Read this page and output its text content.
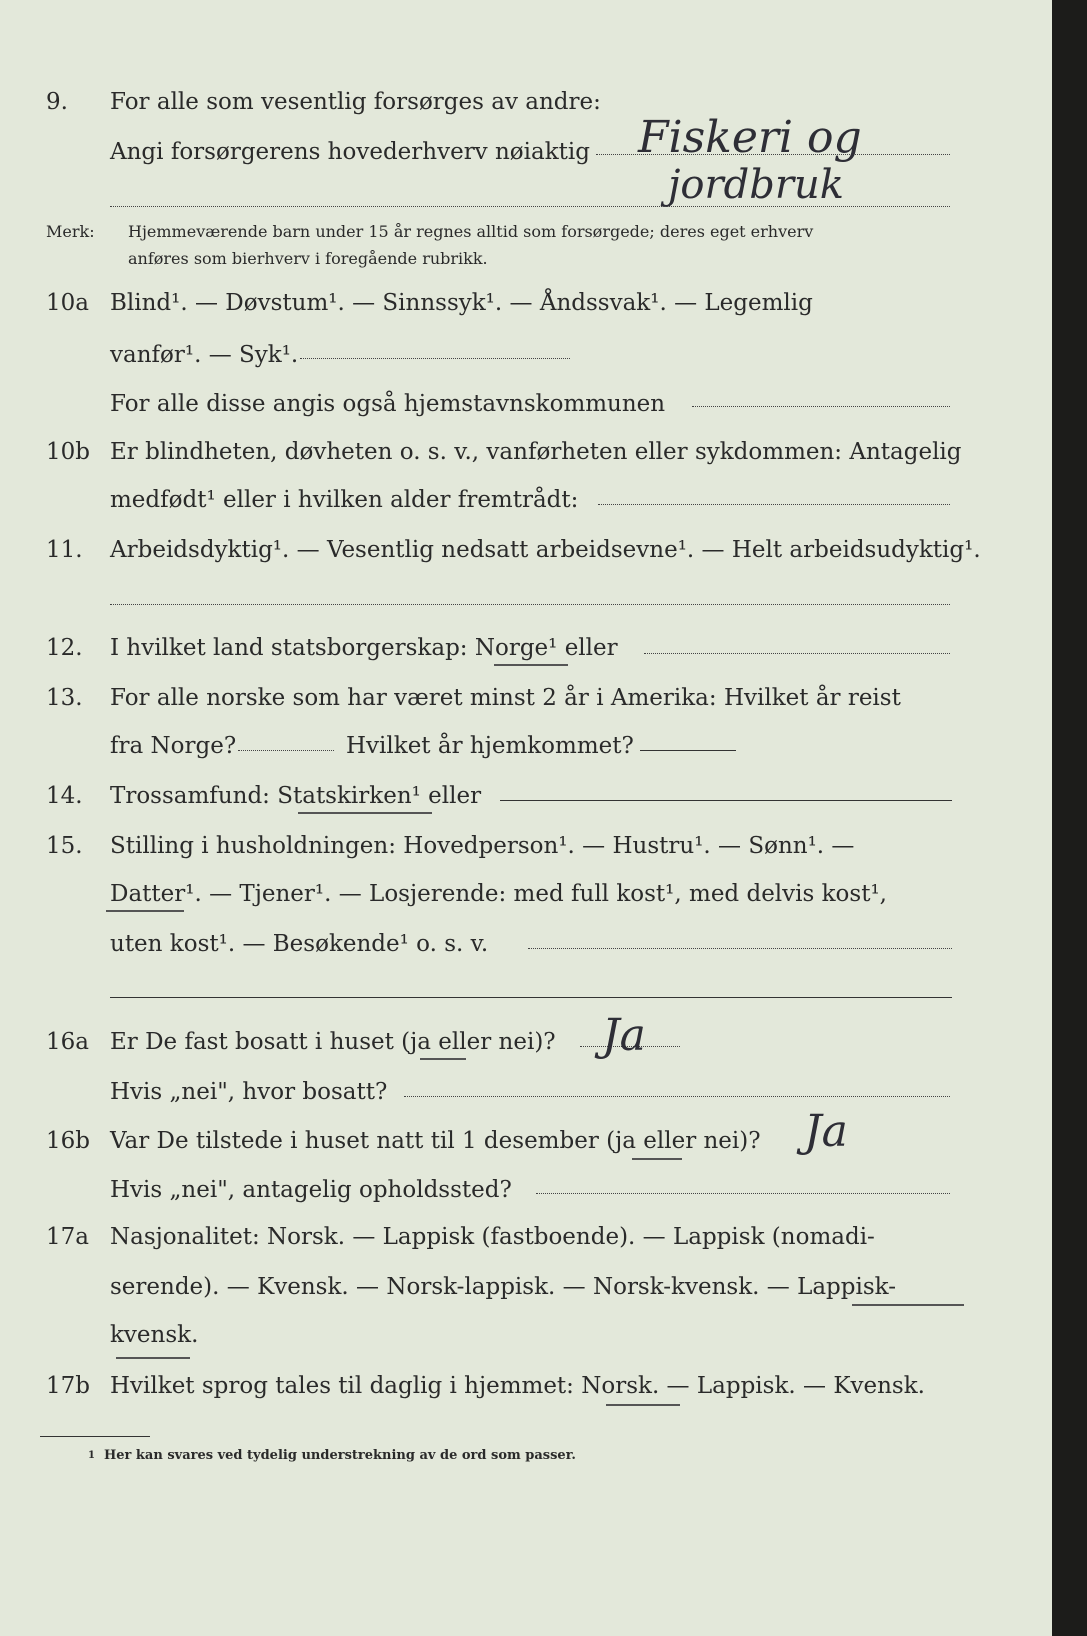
9. For alle som vesentlig forsørges av andre:
Angi forsørgerens hovederhverv nøiaktig Fiskeri og
jordbruk
Merk: Hjemmeværende barn under 15 år regnes alltid som forsørgede; deres eget erhverv
anføres som bierhverv i foregående rubrikk.
10a Blind¹. — Døvstum¹. — Sinnssyk¹. — Åndssvak¹. — Legemlig
vanfør¹. — Syk¹.
For alle disse angis også hjemstavnskommunen
10b Er blindheten, døvheten o. s. v., vanførheten eller sykdommen: Antagelig
medfødt¹ eller i hvilken alder fremtrådt:
11. Arbeidsdyktig¹. — Vesentlig nedsatt arbeidsevne¹. — Helt arbeidsudyktig¹.
12. I hvilket land statsborgerskap: Norge¹ eller
13. For alle norske som har været minst 2 år i Amerika: Hvilket år reist
fra Norge?	Hvilket år hjemkommet?
14. Trossamfund: Statskirken¹ eller
15. Stilling i husholdningen: Hovedperson¹. — Hustru¹. — Sønn¹. —
Datter¹. — Tjener¹. — Losjerende: med full kost¹, med delvis kost¹,
uten kost¹. — Besøkende¹ o. s. v.
16a Er De fast bosatt i huset (ja eller nei)? Ja
Hvis „nei", hvor bosatt?
16b Var De tilstede i huset natt til 1 desember (ja eller nei)? Ja
Hvis „nei", antagelig opholdssted?
17a Nasjonalitet: Norsk. — Lappisk (fastboende). — Lappisk (nomadi-
serende). — Kvensk. — Norsk-lappisk. — Norsk-kvensk. — Lappisk-
kvensk.
17b Hvilket sprog tales til daglig i hjemmet: Norsk. — Lappisk. — Kvensk.
1 Her kan svares ved tydelig understrekning av de ord som passer.
